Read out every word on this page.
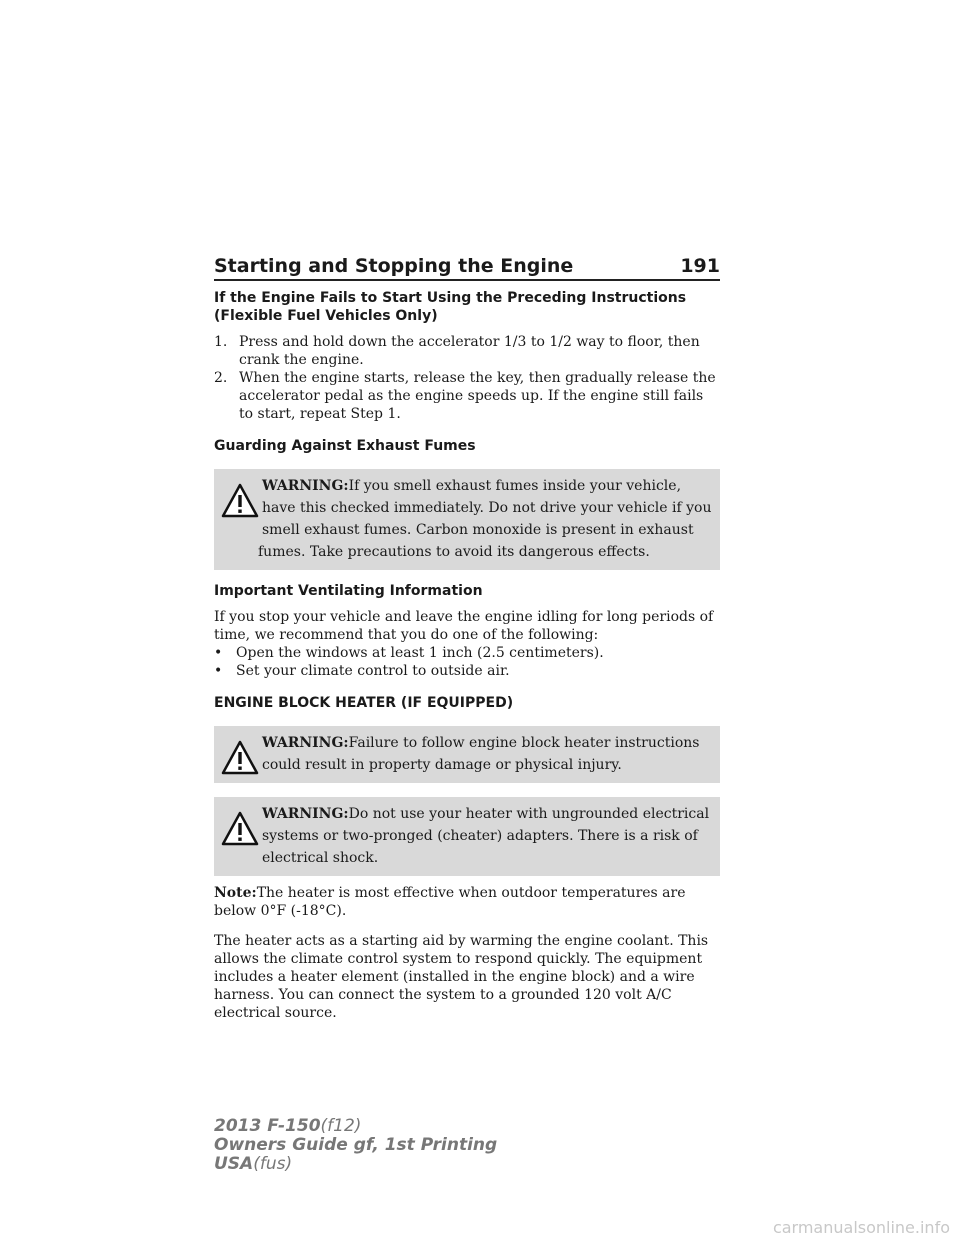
Starting and Stopping the Engine	191
If the Engine Fails to Start Using the Preceding Instructions (Flexible Fuel Vehicles Only)
1. Press and hold down the accelerator 1/3 to 1/2 way to floor, then crank the engine.
2. When the engine starts, release the key, then gradually release the accelerator pedal as the engine speeds up. If the engine still fails to start, repeat Step 1.
Guarding Against Exhaust Fumes

WARNING:If you smell exhaust fumes inside your vehicle, have this checked immediately. Do not drive your vehicle if you smell exhaust fumes. Carbon monoxide is present in exhaust fumes. Take precautions to avoid its dangerous effects.

Important Ventilating Information

If you stop your vehicle and leave the engine idling for long periods of time, we recommend that you do one of the following:

• Open the windows at least 1 inch (2.5 centimeters).
• Set your climate control to outside air.
ENGINE BLOCK HEATER (IF EQUIPPED)

WARNING:Failure to follow engine block heater instructions could result in property damage or physical injury.

WARNING:Do not use your heater with ungrounded electrical systems or two-pronged (cheater) adapters. There is a risk of electrical shock.

Note:The heater is most effective when outdoor temperatures are below 0°F (-18°C).

The heater acts as a starting aid by warming the engine coolant. This allows the climate control system to respond quickly. The equipment includes a heater element (installed in the engine block) and a wire harness. You can connect the system to a grounded 120 volt A/C electrical source.

2013 F-150(f12)
Owners Guide gf, 1st Printing
USA(fus)
carmanualsonline.info
